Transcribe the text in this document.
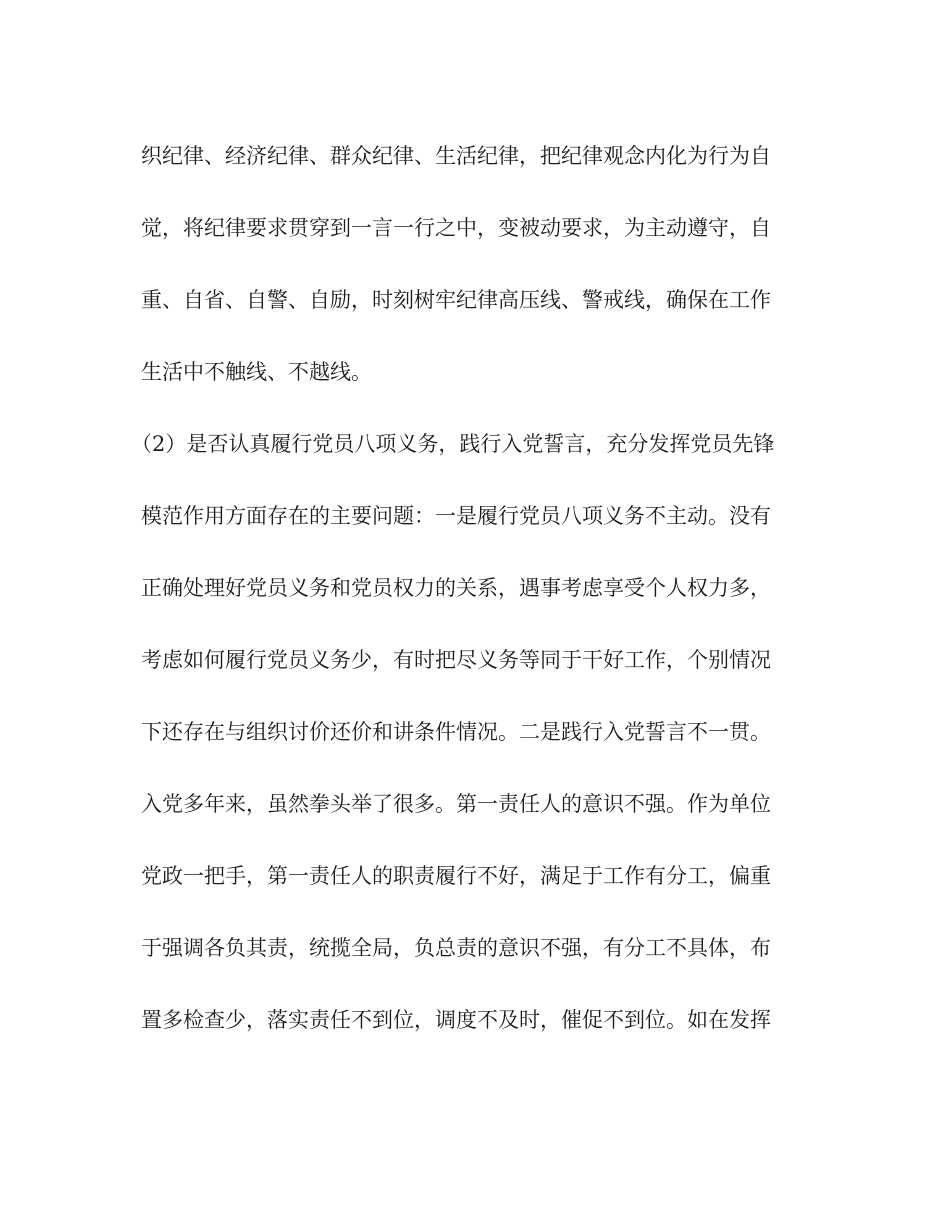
织纪律、经济纪律、群众纪律、生活纪律，把纪律观念内化为行为自
觉，将纪律要求贯穿到一言一行之中，变被动要求，为主动遵守，自
重、自省、自警、自励，时刻树牢纪律高压线、警戒线，确保在工作
生活中不触线、不越线。
（2）是否认真履行党员八项义务，践行入党誓言，充分发挥党员先锋
模范作用方面存在的主要问题：一是履行党员八项义务不主动。没有
正确处理好党员义务和党员权力的关系，遇事考虑享受个人权力多，
考虑如何履行党员义务少，有时把尽义务等同于干好工作，个别情况
下还存在与组织讨价还价和讲条件情况。二是践行入党誓言不一贯。
入党多年来，虽然拳头举了很多。第一责任人的意识不强。作为单位
党政一把手，第一责任人的职责履行不好，满足于工作有分工，偏重
于强调各负其责，统揽全局，负总责的意识不强，有分工不具体，布
置多检查少，落实责任不到位，调度不及时，催促不到位。如在发挥
